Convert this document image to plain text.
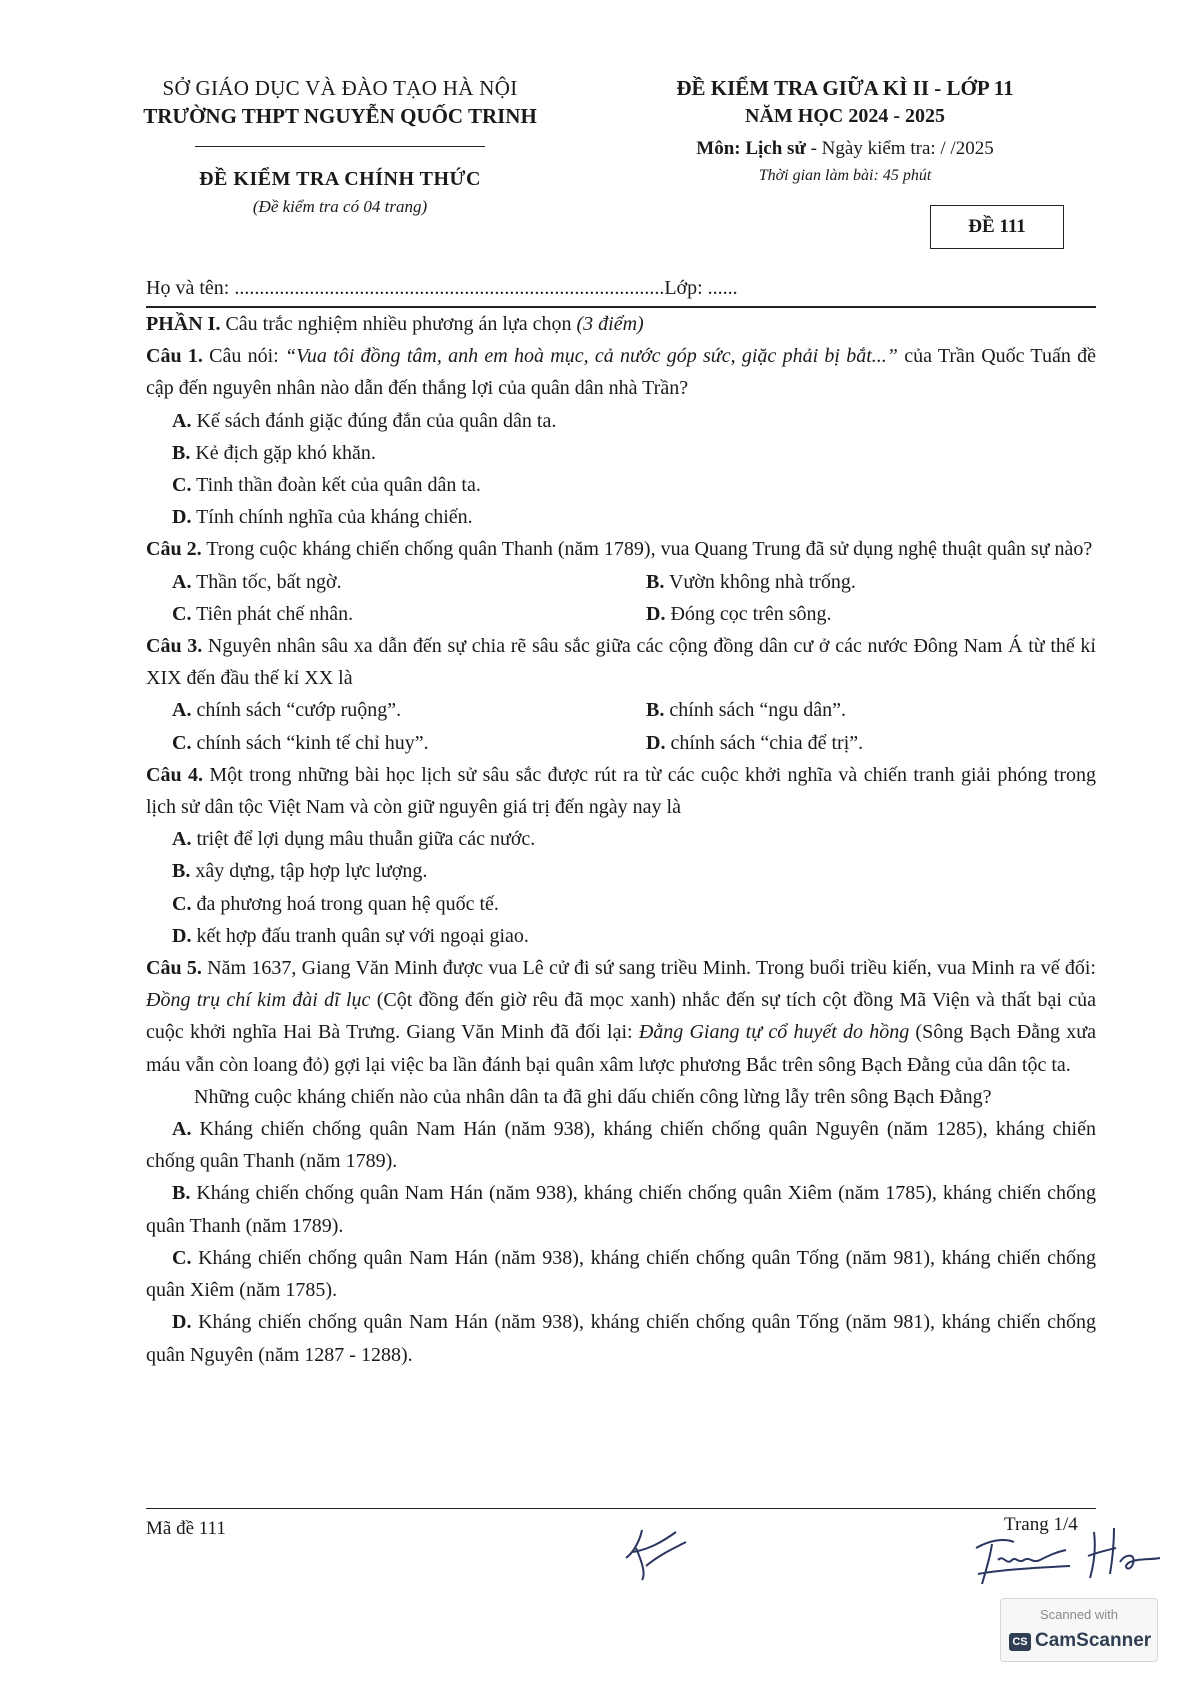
SỞ GIÁO DỤC VÀ ĐÀO TẠO HÀ NỘI
TRƯỜNG THPT NGUYỄN QUỐC TRINH
ĐỀ KIỂM TRA CHÍNH THỨC
(Đề kiểm tra có 04 trang)
ĐỀ KIỂM TRA GIỮA KÌ II - LỚP 11
NĂM HỌC 2024 - 2025
Môn: Lịch sử - Ngày kiểm tra: / /2025
Thời gian làm bài: 45 phút
ĐỀ 111
Họ và tên: ......................................................................................Lớp: ......

PHẦN I. Câu trắc nghiệm nhiều phương án lựa chọn (3 điểm)

Câu 1. Câu nói: “Vua tôi đồng tâm, anh em hoà mục, cả nước góp sức, giặc phải bị bắt...” của Trần Quốc Tuấn đề cập đến nguyên nhân nào dẫn đến thắng lợi của quân dân nhà Trần?

A. Kế sách đánh giặc đúng đắn của quân dân ta.

B. Kẻ địch gặp khó khăn.

C. Tinh thần đoàn kết của quân dân ta.

D. Tính chính nghĩa của kháng chiến.

Câu 2. Trong cuộc kháng chiến chống quân Thanh (năm 1789), vua Quang Trung đã sử dụng nghệ thuật quân sự nào?

A. Thần tốc, bất ngờ.	B. Vườn không nhà trống.
C. Tiên phát chế nhân.	D. Đóng cọc trên sông.

Câu 3. Nguyên nhân sâu xa dẫn đến sự chia rẽ sâu sắc giữa các cộng đồng dân cư ở các nước Đông Nam Á từ thế kỉ XIX đến đầu thế kỉ XX là

A. chính sách “cướp ruộng”.	B. chính sách “ngu dân”.
C. chính sách “kinh tế chỉ huy”.	D. chính sách “chia để trị”.

Câu 4. Một trong những bài học lịch sử sâu sắc được rút ra từ các cuộc khởi nghĩa và chiến tranh giải phóng trong lịch sử dân tộc Việt Nam và còn giữ nguyên giá trị đến ngày nay là

A. triệt để lợi dụng mâu thuẫn giữa các nước.

B. xây dựng, tập hợp lực lượng.

C. đa phương hoá trong quan hệ quốc tế.

D. kết hợp đấu tranh quân sự với ngoại giao.

Câu 5. Năm 1637, Giang Văn Minh được vua Lê cử đi sứ sang triều Minh. Trong buổi triều kiến, vua Minh ra vế đối: Đồng trụ chí kim đài dĩ lục (Cột đồng đến giờ rêu đã mọc xanh) nhắc đến sự tích cột đồng Mã Viện và thất bại của cuộc khởi nghĩa Hai Bà Trưng. Giang Văn Minh đã đối lại: Đằng Giang tự cổ huyết do hồng (Sông Bạch Đằng xưa máu vẫn còn loang đỏ) gợi lại việc ba lần đánh bại quân xâm lược phương Bắc trên sông Bạch Đằng của dân tộc ta.

Những cuộc kháng chiến nào của nhân dân ta đã ghi dấu chiến công lừng lẫy trên sông Bạch Đằng?

A. Kháng chiến chống quân Nam Hán (năm 938), kháng chiến chống quân Nguyên (năm 1285), kháng chiến chống quân Thanh (năm 1789).

B. Kháng chiến chống quân Nam Hán (năm 938), kháng chiến chống quân Xiêm (năm 1785), kháng chiến chống quân Thanh (năm 1789).

C. Kháng chiến chống quân Nam Hán (năm 938), kháng chiến chống quân Tống (năm 981), kháng chiến chống quân Xiêm (năm 1785).

D. Kháng chiến chống quân Nam Hán (năm 938), kháng chiến chống quân Tống (năm 981), kháng chiến chống quân Nguyên (năm 1287 - 1288).

Mã đề 111	Trang 1/4
Scanned with
CS CamScanner
